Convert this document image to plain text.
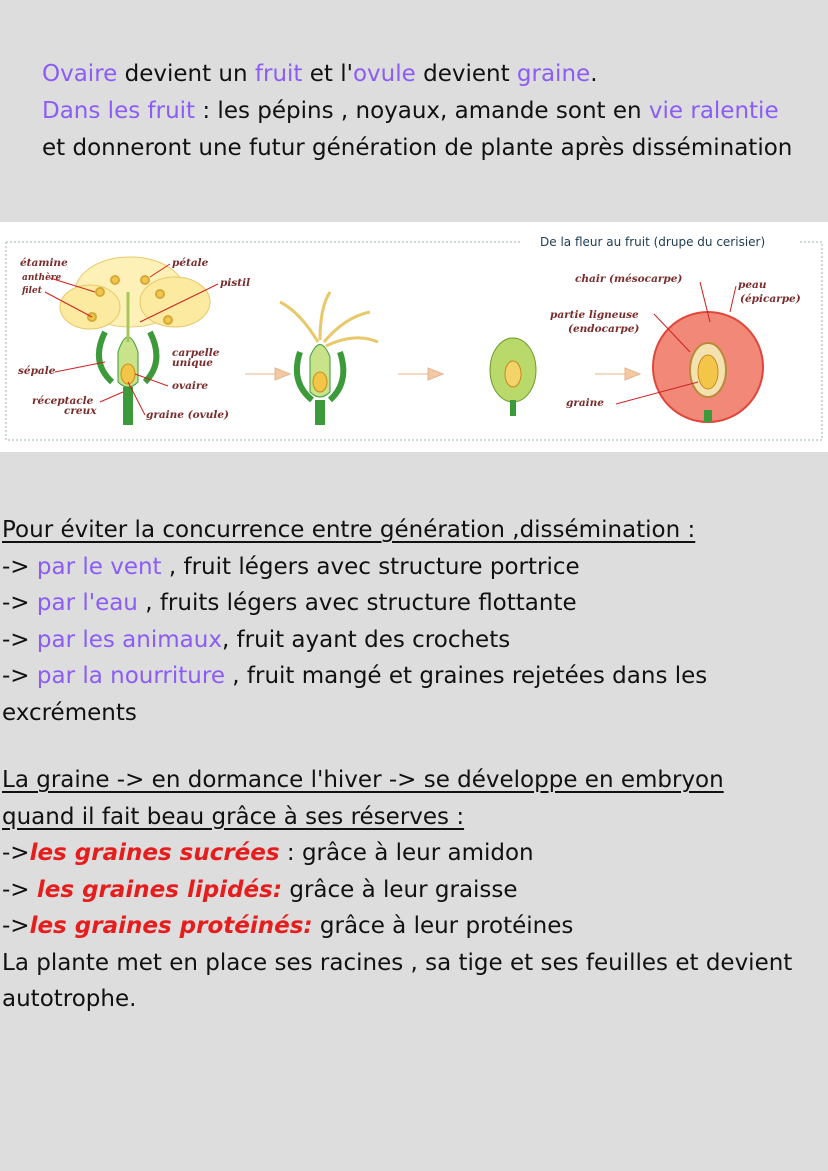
Ovaire devient un fruit et l'ovule devient graine.
Dans les fruit : les pépins , noyaux, amande sont en vie ralentie et donneront une futur génération de plante après dissémination
De la fleur au fruit (drupe du cerisier)
étamine
anthère
filet
pétale
pistil
carpelle
unique
sépale
ovaire
réceptacle
creux	graine (ovule)
chair (mésocarpe)	peau
(épicarpe)
partie ligneuse
(endocarpe)
graine

Pour éviter la concurrence entre génération ,dissémination :

-> par le vent , fruit légers avec structure portrice

-> par l'eau , fruits légers avec structure flottante

-> par les animaux, fruit ayant des crochets

-> par la nourriture , fruit mangé et graines rejetées dans les excréments

La graine -> en dormance l'hiver -> se développe en embryon

quand il fait beau grâce à ses réserves :

->les graines sucrées : grâce à leur amidon

-> les graines lipidés: grâce à leur graisse

->les graines protéinés: grâce à leur protéines

La plante met en place ses racines , sa tige et ses feuilles et devient autotrophe.
